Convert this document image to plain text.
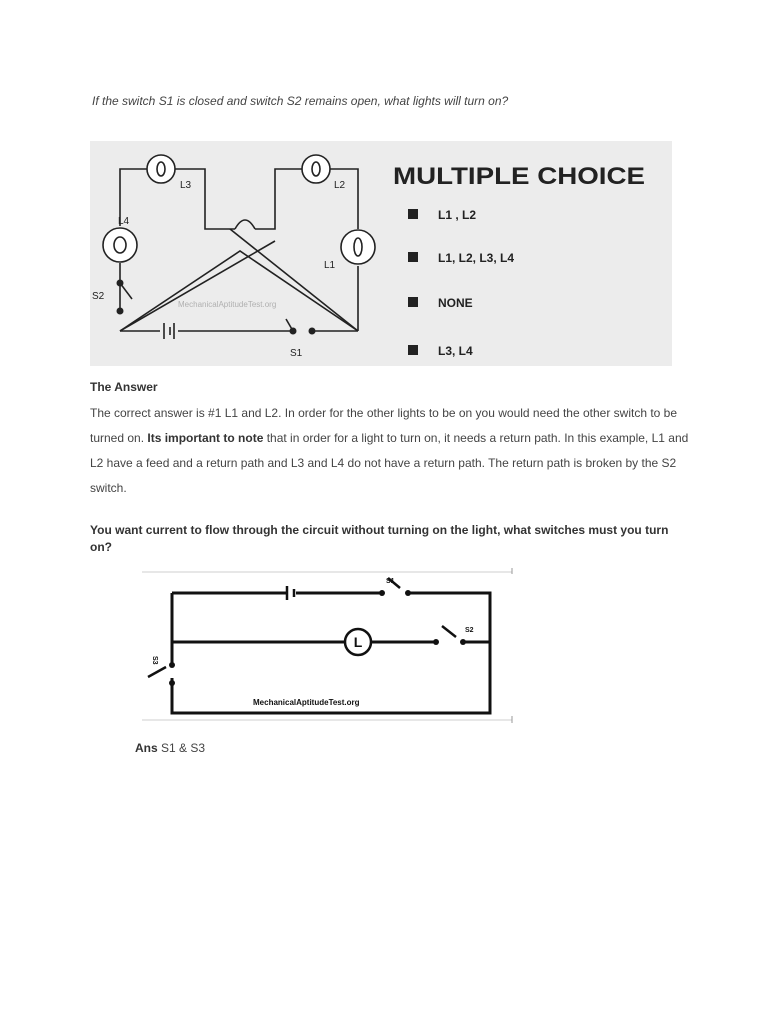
If the switch S1 is closed and switch S2 remains open, what lights will turn on?
L3	L2
L4
L1
S2
S1
MechanicalAptitudeTest.org
MULTIPLE CHOICE
L1 , L2
L1, L2, L3, L4
NONE
L3, L4
The Answer
The correct answer is #1 L1 and L2. In order for the other lights to be on you would need the other switch to be turned on. Its important to note that in order for a light to turn on, it needs a return path. In this example, L1 and L2 have a feed and a return path and L3 and L4 do not have a return path. The return path is broken by the S2 switch.
You want current to flow through the circuit without turning on the light, what switches must you turn on?
L
S1
S2
S3
MechanicalAptitudeTest.org
Ans S1 & S3
